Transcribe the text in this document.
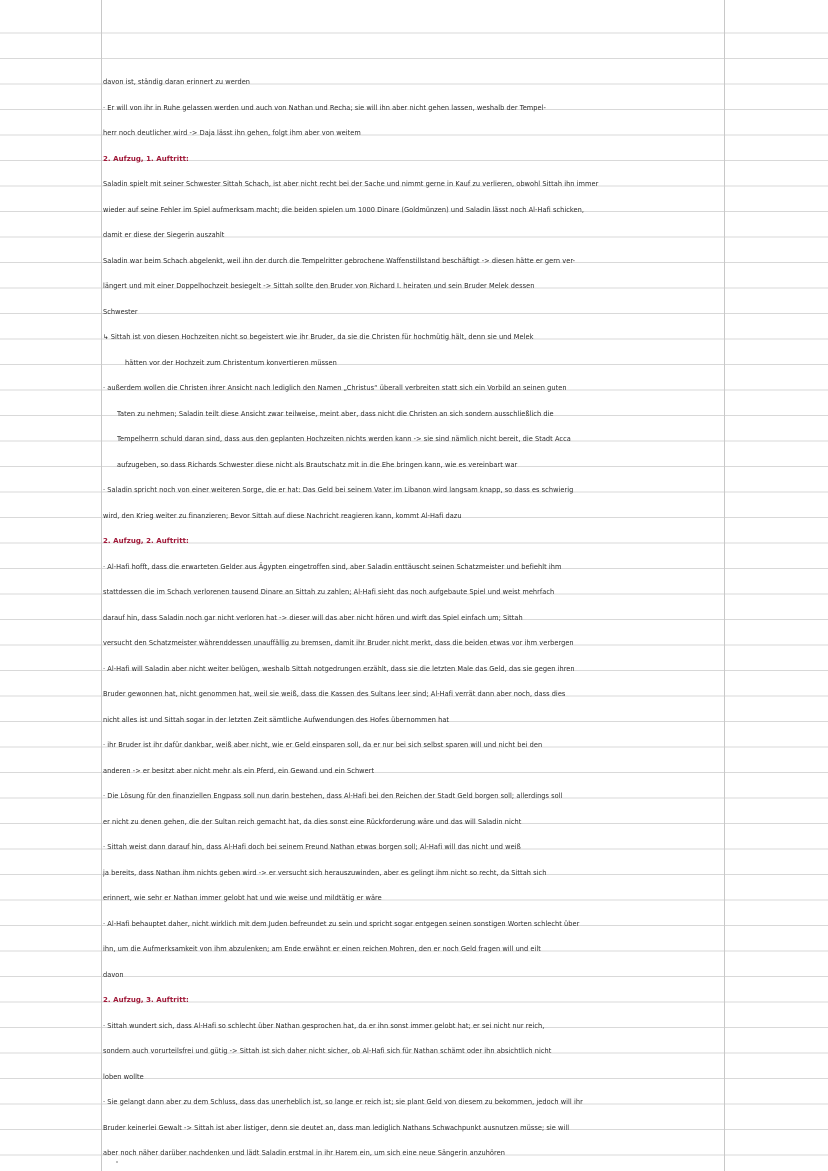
davon ist, ständig daran erinnert zu werden
· Er will von ihr in Ruhe gelassen werden und auch von Nathan und Recha; sie will ihn aber nicht gehen lassen, weshalb der Tempel-
herr noch deutlicher wird -> Daja lässt ihn gehen, folgt ihm aber von weitem
2. Aufzug, 1. Auftritt:
Saladin spielt mit seiner Schwester Sittah Schach, ist aber nicht recht bei der Sache und nimmt gerne in Kauf zu verlieren, obwohl Sittah ihn immer
wieder auf seine Fehler im Spiel aufmerksam macht; die beiden spielen um 1000 Dinare (Goldmünzen) und Saladin lässt noch Al-Hafi schicken,
damit er diese der Siegerin auszahlt
Saladin war beim Schach abgelenkt, weil ihn der durch die Tempelritter gebrochene Waffenstillstand beschäftigt -> diesen hätte er gern ver-
längert und mit einer Doppelhochzeit besiegelt -> Sittah sollte den Bruder von Richard I. heiraten und sein Bruder Melek dessen
Schwester
↳ Sittah ist von diesen Hochzeiten nicht so begeistert wie ihr Bruder, da sie die Christen für hochmütig hält, denn sie und Melek
hätten vor der Hochzeit zum Christentum konvertieren müssen
· außerdem wollen die Christen ihrer Ansicht nach lediglich den Namen „Christus“ überall verbreiten statt sich ein Vorbild an seinen guten
Taten zu nehmen; Saladin teilt diese Ansicht zwar teilweise, meint aber, dass nicht die Christen an sich sondern ausschließlich die
Tempelherrn schuld daran sind, dass aus den geplanten Hochzeiten nichts werden kann -> sie sind nämlich nicht bereit, die Stadt Acca
aufzugeben, so dass Richards Schwester diese nicht als Brautschatz mit in die Ehe bringen kann, wie es vereinbart war
· Saladin spricht noch von einer weiteren Sorge, die er hat: Das Geld bei seinem Vater im Libanon wird langsam knapp, so dass es schwierig
wird, den Krieg weiter zu finanzieren; Bevor Sittah auf diese Nachricht reagieren kann, kommt Al-Hafi dazu
2. Aufzug, 2. Auftritt:
· Al-Hafi hofft, dass die erwarteten Gelder aus Ägypten eingetroffen sind, aber Saladin enttäuscht seinen Schatzmeister und befiehlt ihm
stattdessen die im Schach verlorenen tausend Dinare an Sittah zu zahlen; Al-Hafi sieht das noch aufgebaute Spiel und weist mehrfach
darauf hin, dass Saladin noch gar nicht verloren hat -> dieser will das aber nicht hören und wirft das Spiel einfach um; Sittah
versucht den Schatzmeister währenddessen unauffällig zu bremsen, damit ihr Bruder nicht merkt, dass die beiden etwas vor ihm verbergen
· Al-Hafi will Saladin aber nicht weiter belügen, weshalb Sittah notgedrungen erzählt, dass sie die letzten Male das Geld, das sie gegen ihren
Bruder gewonnen hat, nicht genommen hat, weil sie weiß, dass die Kassen des Sultans leer sind; Al-Hafi verrät dann aber noch, dass dies
nicht alles ist und Sittah sogar in der letzten Zeit sämtliche Aufwendungen des Hofes übernommen hat
· ihr Bruder ist ihr dafür dankbar, weiß aber nicht, wie er Geld einsparen soll, da er nur bei sich selbst sparen will und nicht bei den
anderen -> er besitzt aber nicht mehr als ein Pferd, ein Gewand und ein Schwert
· Die Lösung für den finanziellen Engpass soll nun darin bestehen, dass Al-Hafi bei den Reichen der Stadt Geld borgen soll; allerdings soll
er nicht zu denen gehen, die der Sultan reich gemacht hat, da dies sonst eine Rückforderung wäre und das will Saladin nicht
· Sittah weist dann darauf hin, dass Al-Hafi doch bei seinem Freund Nathan etwas borgen soll; Al-Hafi will das nicht und weiß
ja bereits, dass Nathan ihm nichts geben wird -> er versucht sich herauszuwinden, aber es gelingt ihm nicht so recht, da Sittah sich
erinnert, wie sehr er Nathan immer gelobt hat und wie weise und mildtätig er wäre
· Al-Hafi behauptet daher, nicht wirklich mit dem Juden befreundet zu sein und spricht sogar entgegen seinen sonstigen Worten schlecht über
ihn, um die Aufmerksamkeit von ihm abzulenken; am Ende erwähnt er einen reichen Mohren, den er noch Geld fragen will und eilt
davon
2. Aufzug, 3. Auftritt:
· Sittah wundert sich, dass Al-Hafi so schlecht über Nathan gesprochen hat, da er ihn sonst immer gelobt hat; er sei nicht nur reich,
sondern auch vorurteilsfrei und gütig -> Sittah ist sich daher nicht sicher, ob Al-Hafi sich für Nathan schämt oder ihn absichtlich nicht
loben wollte
· Sie gelangt dann aber zu dem Schluss, dass das unerheblich ist, so lange er reich ist; sie plant Geld von diesem zu bekommen, jedoch will ihr
Bruder keinerlei Gewalt -> Sittah ist aber listiger, denn sie deutet an, dass man lediglich Nathans Schwachpunkt ausnutzen müsse; sie will
aber noch näher darüber nachdenken und lädt Saladin erstmal in ihr Harem ein, um sich eine neue Sängerin anzuhören
